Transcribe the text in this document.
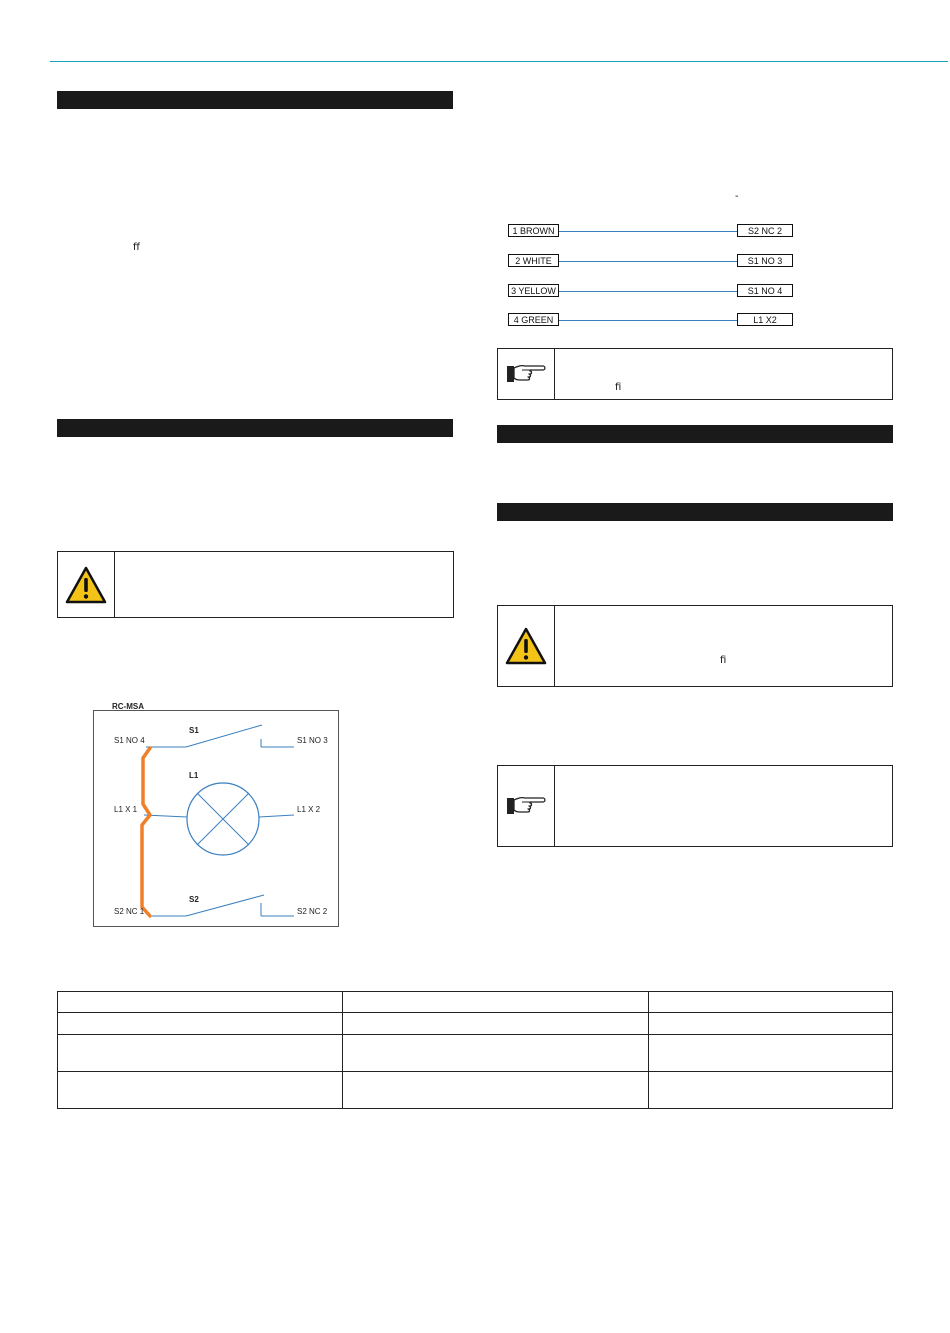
ff
RC-MSA
S1
S1 NO 4	S1 NO 3
L1
L1 X 1	L1 X 2
S2
S2 NC 1	S2 NC 2
-
1 BROWN	S2 NC 2
2 WHITE	S1 NO 3
3 YELLOW	S1 NO 4
4 GREEN	L1 X2
fi
fi
